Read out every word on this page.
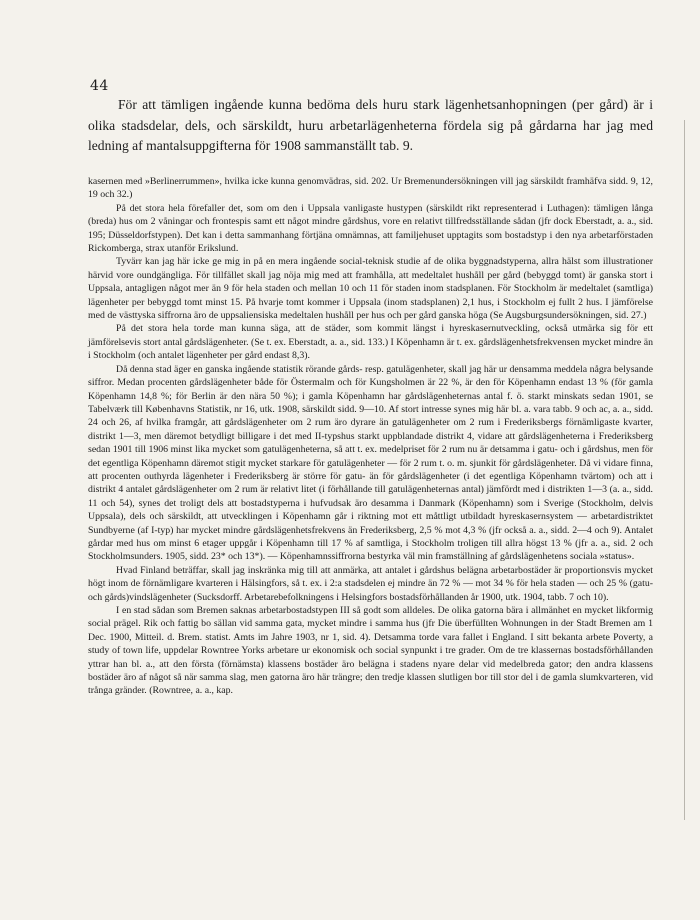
44

För att tämligen ingående kunna bedöma dels huru stark lägenhetsanhopningen (per gård) är i olika stadsdelar, dels, och särskildt, huru arbetarlägenheterna fördela sig på gårdarna har jag med ledning af mantalsuppgifterna för 1908 sammanställt tab. 9.

kasernen med »Berlinerrummen», hvilka icke kunna genomvädras, sid. 202. Ur Bremenundersökningen vill jag särskildt framhäfva sidd. 9, 12, 19 och 32.)

På det stora hela förefaller det, som om den i Uppsala vanligaste hustypen (särskildt rikt representerad i Luthagen): tämligen långa (breda) hus om 2 våningar och frontespis samt ett något mindre gårdshus, vore en relativt tillfredsställande sådan (jfr dock Eberstadt, a. a., sid. 195; Düsseldorfstypen). Det kan i detta sammanhang förtjäna omnämnas, att familjehuset upptagits som bostadstyp i den nya arbetarförstaden Rickomberga, strax utanför Erikslund.

Tyvärr kan jag här icke ge mig in på en mera ingående social-teknisk studie af de olika byggnadstyperna, allra hälst som illustrationer härvid vore oundgängliga. För tillfället skall jag nöja mig med att framhålla, att medeltalet hushåll per gård (bebyggd tomt) är ganska stort i Uppsala, antagligen något mer än 9 för hela staden och mellan 10 och 11 för staden inom stadsplanen. För Stockholm är medeltalet (samtliga) lägenheter per bebyggd tomt minst 15. På hvarje tomt kommer i Uppsala (inom stadsplanen) 2,1 hus, i Stockholm ej fullt 2 hus. I jämförelse med de västtyska siffrorna äro de uppsaliensiska medeltalen hushåll per hus och per gård ganska höga (Se Augsburgsundersökningen, sid. 27.)

På det stora hela torde man kunna säga, att de städer, som kommit längst i hyreskasernutveckling, också utmärka sig för ett jämförelsevis stort antal gårdslägenheter. (Se t. ex. Eberstadt, a. a., sid. 133.) I Köpenhamn är t. ex. gårdslägenhetsfrekvensen mycket mindre än i Stockholm (och antalet lägenheter per gård endast 8,3).

Då denna stad äger en ganska ingående statistik rörande gårds- resp. gatulägenheter, skall jag här ur densamma meddela några belysande siffror. Medan procenten gårdslägenheter både för Östermalm och för Kungsholmen är 22 %, är den för Köpenhamn endast 13 % (för gamla Köpenhamn 14,8 %; för Berlin är den nära 50 %); i gamla Köpenhamn har gårdslägenheternas antal f. ö. starkt minskats sedan 1901, se Tabelværk till Københavns Statistik, nr 16, utk. 1908, särskildt sidd. 9—10. Af stort intresse synes mig här bl. a. vara tabb. 9 och ac, a. a., sidd. 24 och 26, af hvilka framgår, att gårdslägenheter om 2 rum äro dyrare än gatulägenheter om 2 rum i Frederiksbergs förnämligaste kvarter, distrikt 1—3, men däremot betydligt billigare i det med II-typshus starkt uppblandade distrikt 4, vidare att gårdslägenheterna i Frederiksberg sedan 1901 till 1906 minst lika mycket som gatulägenheterna, så att t. ex. medelpriset för 2 rum nu är detsamma i gatu- och i gårdshus, men för det egentliga Köpenhamn däremot stigit mycket starkare för gatulägenheter — för 2 rum t. o. m. sjunkit för gårdslägenheter. Då vi vidare finna, att procenten outhyrda lägenheter i Frederiksberg är större för gatu- än för gårdslägenheter (i det egentliga Köpenhamn tvärtom) och att i distrikt 4 antalet gårdslägenheter om 2 rum är relativt litet (i förhållande till gatulägenheternas antal) jämfördt med i distrikten 1—3 (a. a., sidd. 11 och 54), synes det troligt dels att bostadstyperna i hufvudsak äro desamma i Danmark (Köpenhamn) som i Sverige (Stockholm, delvis Uppsala), dels och särskildt, att utvecklingen i Köpenhamn går i riktning mot ett måttligt utbildadt hyreskasernsystem — arbetardistriktet Sundbyerne (af I-typ) har mycket mindre gårdslägenhetsfrekvens än Frederiksberg, 2,5 % mot 4,3 % (jfr också a. a., sidd. 2—4 och 9). Antalet gårdar med hus om minst 6 etager uppgår i Köpenhamn till 17 % af samtliga, i Stockholm troligen till allra högst 13 % (jfr a. a., sid. 2 och Stockholmsunders. 1905, sidd. 23* och 13*). — Köpenhamnssiffrorna bestyrka väl min framställning af gårdslägenhetens sociala »status».

Hvad Finland beträffar, skall jag inskränka mig till att anmärka, att antalet i gårdshus belägna arbetarbostäder är proportionsvis mycket högt inom de förnämligare kvarteren i Hälsingfors, så t. ex. i 2:a stadsdelen ej mindre än 72 % — mot 34 % för hela staden — och 25 % (gatu- och gårds)vindslägenheter (Sucksdorff. Arbetarebefolkningens i Helsingfors bostadsförhållanden år 1900, utk. 1904, tabb. 7 och 10).

I en stad sådan som Bremen saknas arbetarbostadstypen III så godt som alldeles. De olika gatorna bära i allmänhet en mycket likformig social prägel. Rik och fattig bo sällan vid samma gata, mycket mindre i samma hus (jfr Die überfüllten Wohnungen in der Stadt Bremen am 1 Dec. 1900, Mitteil. d. Brem. statist. Amts im Jahre 1903, nr 1, sid. 4). Detsamma torde vara fallet i England. I sitt bekanta arbete Poverty, a study of town life, uppdelar Rowntree Yorks arbetare ur ekonomisk och social synpunkt i tre grader. Om de tre klassernas bostadsförhållanden yttrar han bl. a., att den första (förnämsta) klassens bostäder äro belägna i stadens nyare delar vid medelbreda gator; den andra klassens bostäder äro af något så när samma slag, men gatorna äro här trängre; den tredje klassen slutligen bor till stor del i de gamla slumkvarteren, vid trånga gränder. (Rowntree, a. a., kap.
